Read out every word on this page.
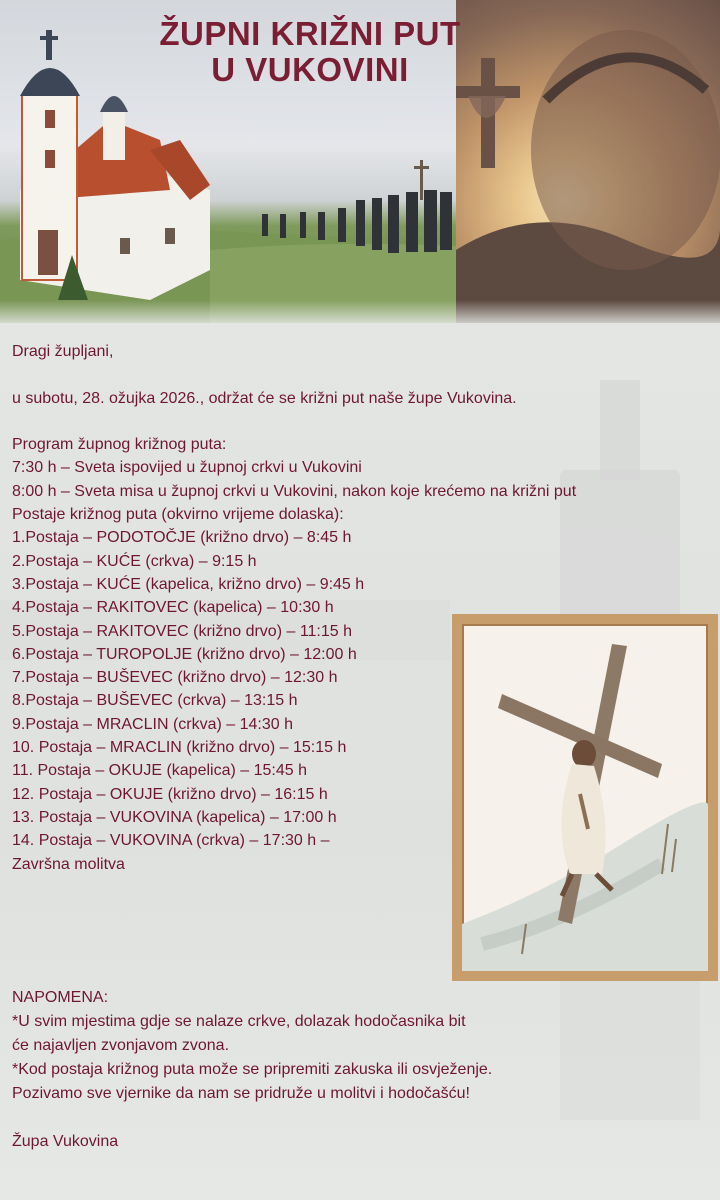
ŽUPNI KRIŽNI PUT
U VUKOVINI
Dragi župljani,
u subotu, 28. ožujka 2026., održat će se križni put naše župe Vukovina.
Program župnog križnog puta:
7:30 h – Sveta ispovijed u župnoj crkvi u Vukovini
8:00 h – Sveta misa u župnoj crkvi u Vukovini, nakon koje krećemo na križni put
Postaje križnog puta (okvirno vrijeme dolaska):
1.Postaja – PODOTOČJE (križno drvo) – 8:45 h
2.Postaja – KUĆE (crkva) – 9:15 h
3.Postaja – KUĆE (kapelica, križno drvo) – 9:45 h
4.Postaja – RAKITOVEC (kapelica) – 10:30 h
5.Postaja – RAKITOVEC (križno drvo) – 11:15 h
6.Postaja – TUROPOLJE (križno drvo) – 12:00 h
7.Postaja – BUŠEVEC (križno drvo) – 12:30 h
8.Postaja – BUŠEVEC (crkva) – 13:15 h
9.Postaja – MRACLIN (crkva) – 14:30 h
10. Postaja – MRACLIN (križno drvo) – 15:15 h
11. Postaja – OKUJE (kapelica) – 15:45 h
12. Postaja – OKUJE (križno drvo) – 16:15 h
13. Postaja – VUKOVINA (kapelica) – 17:00 h
14. Postaja – VUKOVINA (crkva) – 17:30 h –
Završna molitva
NAPOMENA:
*U svim mjestima gdje se nalaze crkve, dolazak hodočasnika bit
će najavljen zvonjavom zvona.
*Kod postaja križnog puta može se pripremiti zakuska ili osvježenje.
Pozivamo sve vjernike da nam se pridruže u molitvi i hodočašću!
Župa Vukovina
